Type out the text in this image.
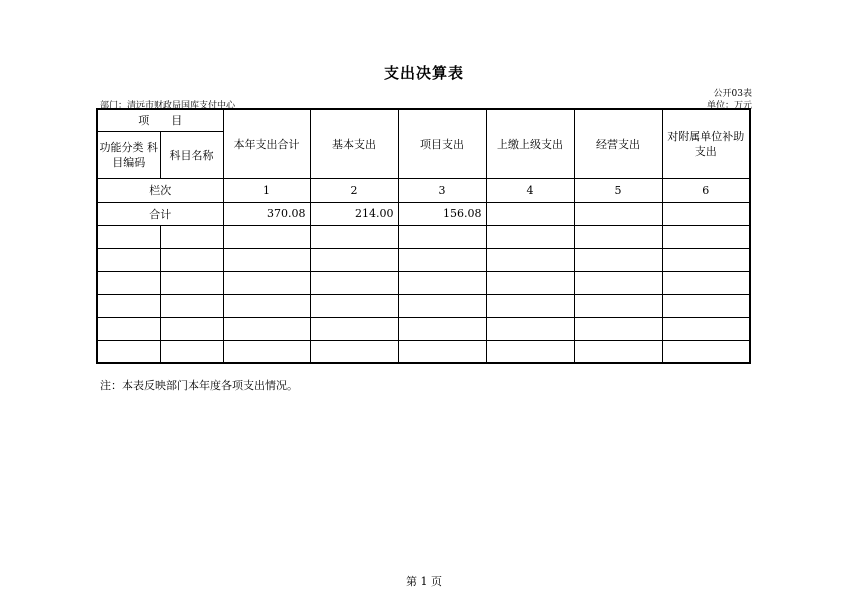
支出决算表
公开03表
部门：清远市财政局国库支付中心	单位：万元
项　　目		本年支出合计	基本支出	项目支出	上缴上级支出	经营支出	对附属单位补助支出
功能分类 科目编码	科目名称						
栏次		1	2	3	4	5	6
合计		370.08	214.00	156.08			

注：本表反映部门本年度各项支出情况。
第 1 页
